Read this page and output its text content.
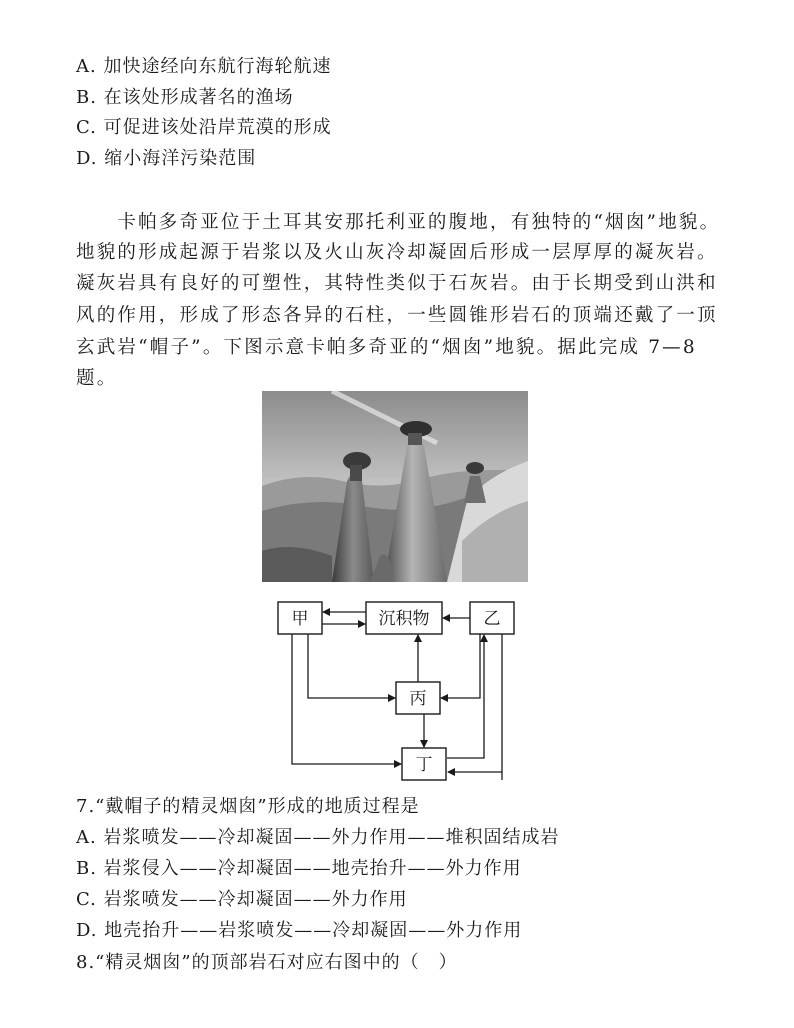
A. 加快途经向东航行海轮航速
B. 在该处形成著名的渔场
C. 可促进该处沿岸荒漠的形成
D. 缩小海洋污染范围
　　卡帕多奇亚位于土耳其安那托利亚的腹地，有独特的“烟囱”地貌。
地貌的形成起源于岩浆以及火山灰冷却凝固后形成一层厚厚的凝灰岩。
凝灰岩具有良好的可塑性，其特性类似于石灰岩。由于长期受到山洪和
风的作用，形成了形态各异的石柱，一些圆锥形岩石的顶端还戴了一顶
玄武岩“帽子”。下图示意卡帕多奇亚的“烟囱”地貌。据此完成 7—8
题。
甲	沉积物	乙
丙
丁
7.“戴帽子的精灵烟囱”形成的地质过程是
A. 岩浆喷发——冷却凝固——外力作用——堆积固结成岩
B. 岩浆侵入——冷却凝固——地壳抬升——外力作用
C. 岩浆喷发——冷却凝固——外力作用
D. 地壳抬升——岩浆喷发——冷却凝固——外力作用
8.“精灵烟囱”的顶部岩石对应右图中的（　）
